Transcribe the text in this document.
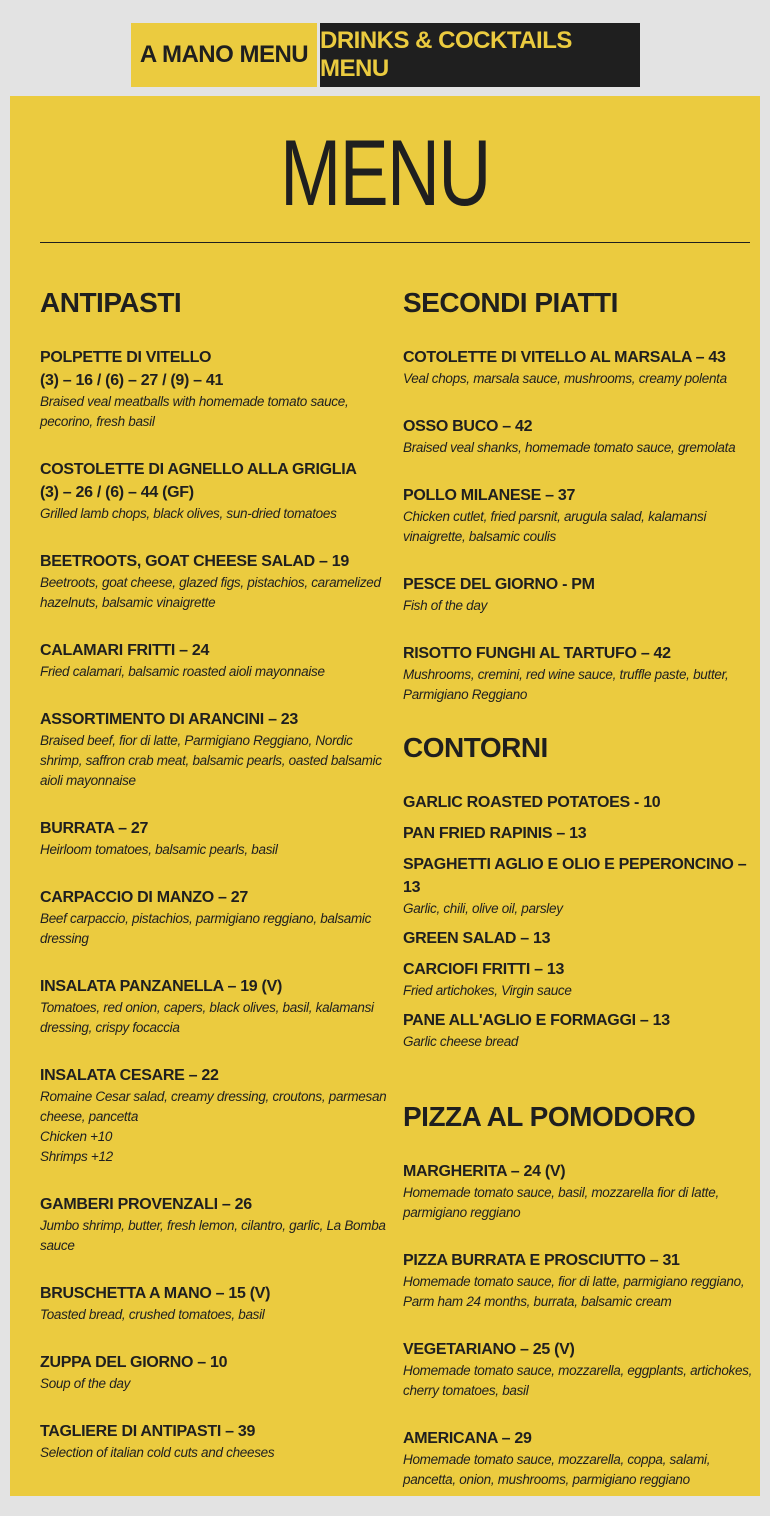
A MANO MENU
DRINKS & COCKTAILS MENU
MENU
ANTIPASTI
POLPETTE DI VITELLO
(3) – 16 / (6) – 27 / (9) – 41
Braised veal meatballs with homemade tomato sauce, pecorino, fresh basil
COSTOLETTE DI AGNELLO ALLA GRIGLIA
(3) – 26 / (6) – 44 (GF)
Grilled lamb chops, black olives, sun-dried tomatoes
BEETROOTS, GOAT CHEESE SALAD – 19
Beetroots, goat cheese, glazed figs, pistachios, caramelized hazelnuts, balsamic vinaigrette
CALAMARI FRITTI – 24
Fried calamari, balsamic roasted aioli mayonnaise
ASSORTIMENTO DI ARANCINI – 23
Braised beef, fior di latte, Parmigiano Reggiano, Nordic shrimp, saffron crab meat, balsamic pearls, oasted balsamic aioli mayonnaise
BURRATA – 27
Heirloom tomatoes, balsamic pearls, basil
CARPACCIO DI MANZO – 27
Beef carpaccio, pistachios, parmigiano reggiano, balsamic dressing
INSALATA PANZANELLA – 19 (V)
Tomatoes, red onion, capers, black olives, basil, kalamansi dressing, crispy focaccia
INSALATA CESARE – 22
Romaine Cesar salad, creamy dressing, croutons, parmesan cheese, pancetta
Chicken +10
Shrimps +12
GAMBERI PROVENZALI – 26
Jumbo shrimp, butter, fresh lemon, cilantro, garlic, La Bomba sauce
BRUSCHETTA A MANO – 15 (V)
Toasted bread, crushed tomatoes, basil
ZUPPA DEL GIORNO – 10
Soup of the day
TAGLIERE DI ANTIPASTI – 39
Selection of italian cold cuts and cheeses
SECONDI PIATTI
COTOLETTE DI VITELLO AL MARSALA – 43
Veal chops, marsala sauce, mushrooms, creamy polenta
OSSO BUCO – 42
Braised veal shanks, homemade tomato sauce, gremolata
POLLO MILANESE – 37
Chicken cutlet, fried parsnit, arugula salad, kalamansi vinaigrette, balsamic coulis
PESCE DEL GIORNO - PM
Fish of the day
RISOTTO FUNGHI AL TARTUFO – 42
Mushrooms, cremini, red wine sauce, truffle paste, butter, Parmigiano Reggiano
CONTORNI
GARLIC ROASTED POTATOES - 10
PAN FRIED RAPINIS – 13
SPAGHETTI AGLIO E OLIO E PEPERONCINO – 13
Garlic, chili, olive oil, parsley
GREEN SALAD – 13
CARCIOFI FRITTI – 13
Fried artichokes, Virgin sauce
PANE ALL'AGLIO E FORMAGGI – 13
Garlic cheese bread
PIZZA AL POMODORO
MARGHERITA – 24 (V)
Homemade tomato sauce, basil, mozzarella fior di latte, parmigiano reggiano
PIZZA BURRATA E PROSCIUTTO – 31
Homemade tomato sauce, fior di latte, parmigiano reggiano, Parm ham 24 months, burrata, balsamic cream
VEGETARIANO – 25 (V)
Homemade tomato sauce, mozzarella, eggplants, artichokes, cherry tomatoes, basil
AMERICANA – 29
Homemade tomato sauce, mozzarella, coppa, salami, pancetta, onion, mushrooms, parmigiano reggiano
